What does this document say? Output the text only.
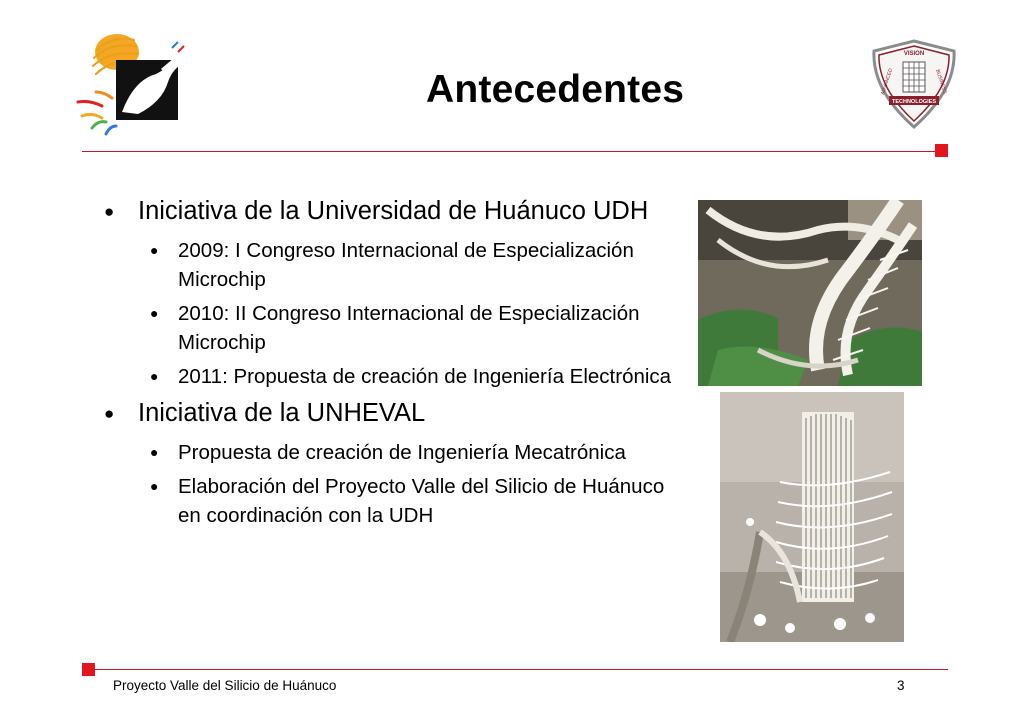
Antecedentes
VISION
ADVANCED	BUSINESS
TECHNOLOGIES
● Iniciativa de la Universidad de Huánuco UDH
● 2009: I Congreso Internacional de Especialización Microchip
● 2010: II Congreso Internacional de Especialización Microchip
● 2011: Propuesta de creación de Ingeniería Electrónica
● Iniciativa de la UNHEVAL
● Propuesta de creación de Ingeniería Mecatrónica
● Elaboración del Proyecto Valle del Silicio de Huánuco en coordinación con la UDH
Proyecto Valle del Silicio de Huánuco	3
